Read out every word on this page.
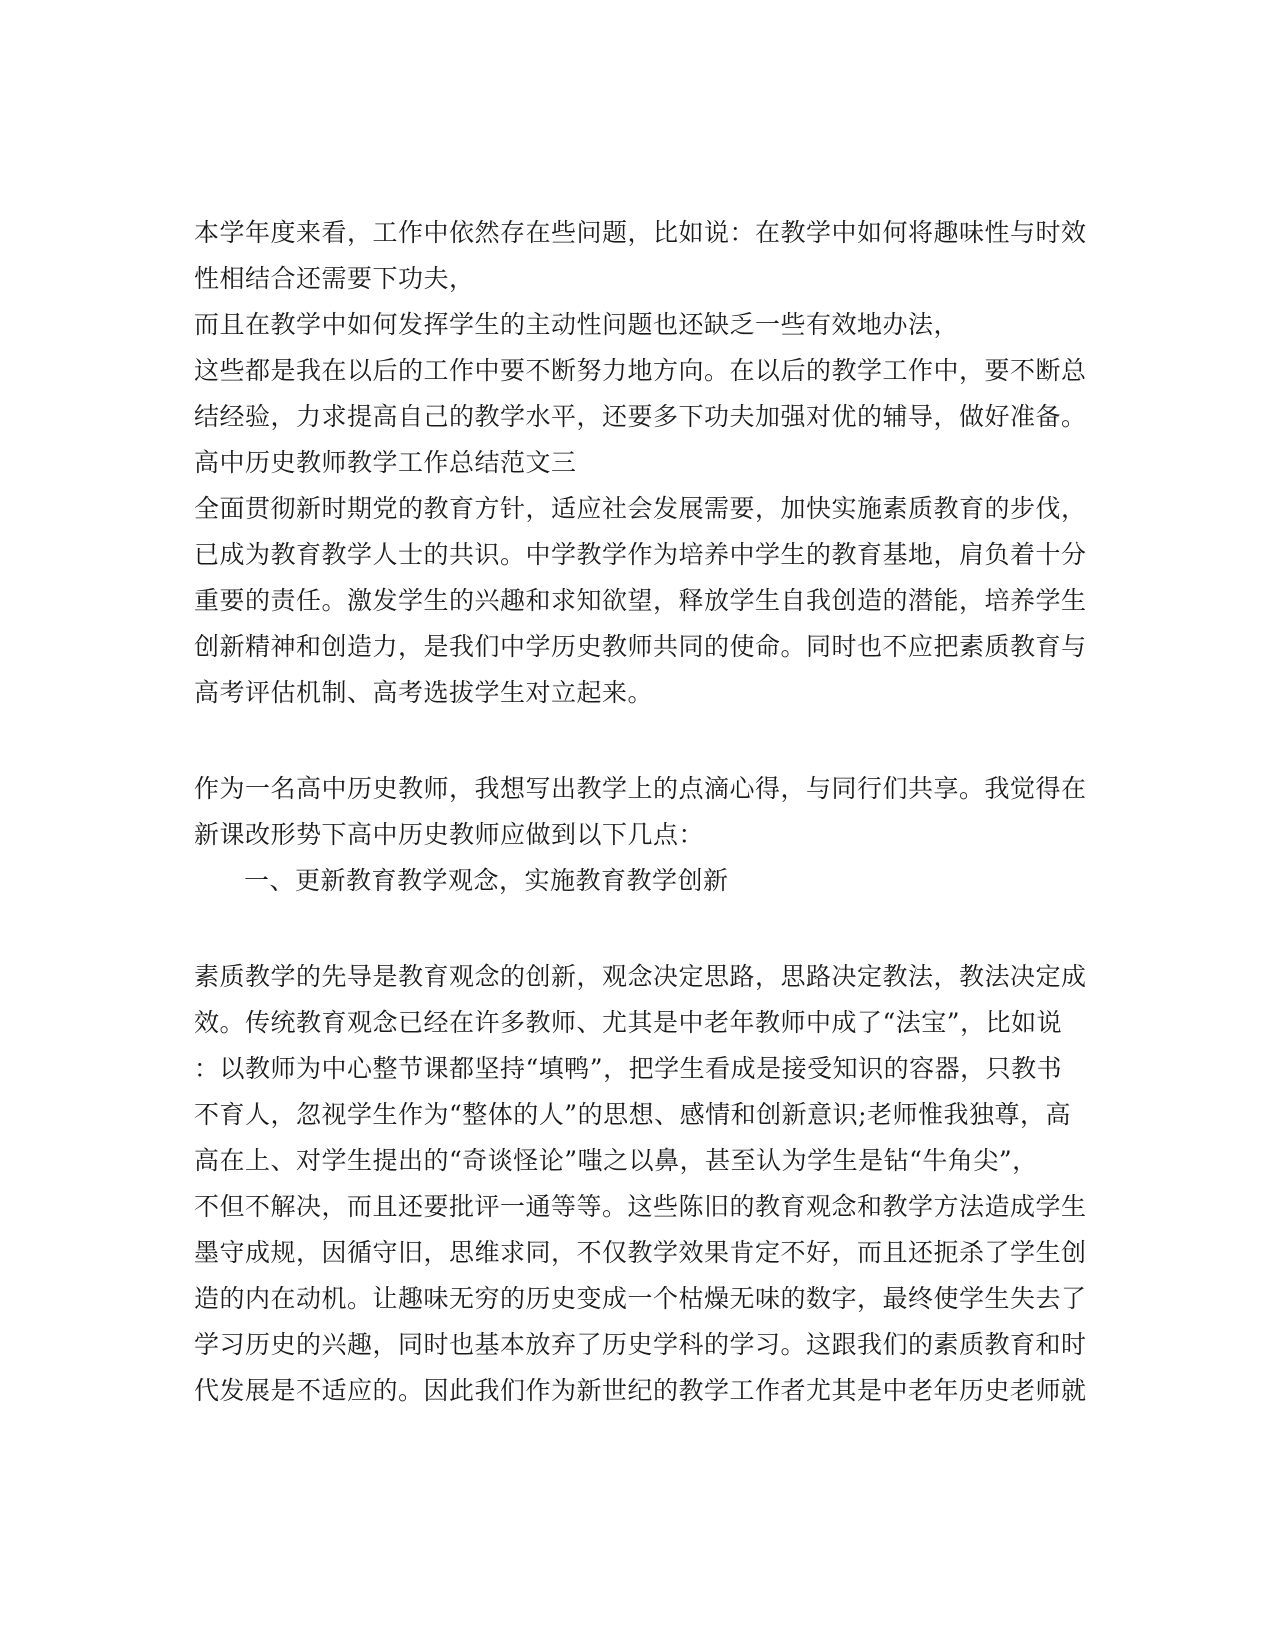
本学年度来看，工作中依然存在些问题，比如说：在教学中如何将趣味性与时效
性相结合还需要下功夫，
而且在教学中如何发挥学生的主动性问题也还缺乏一些有效地办法，
这些都是我在以后的工作中要不断努力地方向。在以后的教学工作中，要不断总
结经验，力求提高自己的教学水平，还要多下功夫加强对优的辅导，做好准备。
高中历史教师教学工作总结范文三
全面贯彻新时期党的教育方针，适应社会发展需要，加快实施素质教育的步伐，
已成为教育教学人士的共识。中学教学作为培养中学生的教育基地，肩负着十分
重要的责任。激发学生的兴趣和求知欲望，释放学生自我创造的潜能，培养学生
创新精神和创造力，是我们中学历史教师共同的使命。同时也不应把素质教育与
高考评估机制、高考选拔学生对立起来。
作为一名高中历史教师，我想写出教学上的点滴心得，与同行们共享。我觉得在
新课改形势下高中历史教师应做到以下几点：
一、更新教育教学观念，实施教育教学创新
素质教学的先导是教育观念的创新，观念决定思路，思路决定教法，教法决定成
效。传统教育观念已经在许多教师、尤其是中老年教师中成了“法宝”，比如说
：以教师为中心整节课都坚持“填鸭”，把学生看成是接受知识的容器，只教书
不育人，忽视学生作为“整体的人”的思想、感情和创新意识;老师惟我独尊，高
高在上、对学生提出的“奇谈怪论”嗤之以鼻，甚至认为学生是钻“牛角尖”，
不但不解决，而且还要批评一通等等。这些陈旧的教育观念和教学方法造成学生
墨守成规，因循守旧，思维求同，不仅教学效果肯定不好，而且还扼杀了学生创
造的内在动机。让趣味无穷的历史变成一个枯燥无味的数字，最终使学生失去了
学习历史的兴趣，同时也基本放弃了历史学科的学习。这跟我们的素质教育和时
代发展是不适应的。因此我们作为新世纪的教学工作者尤其是中老年历史老师就
